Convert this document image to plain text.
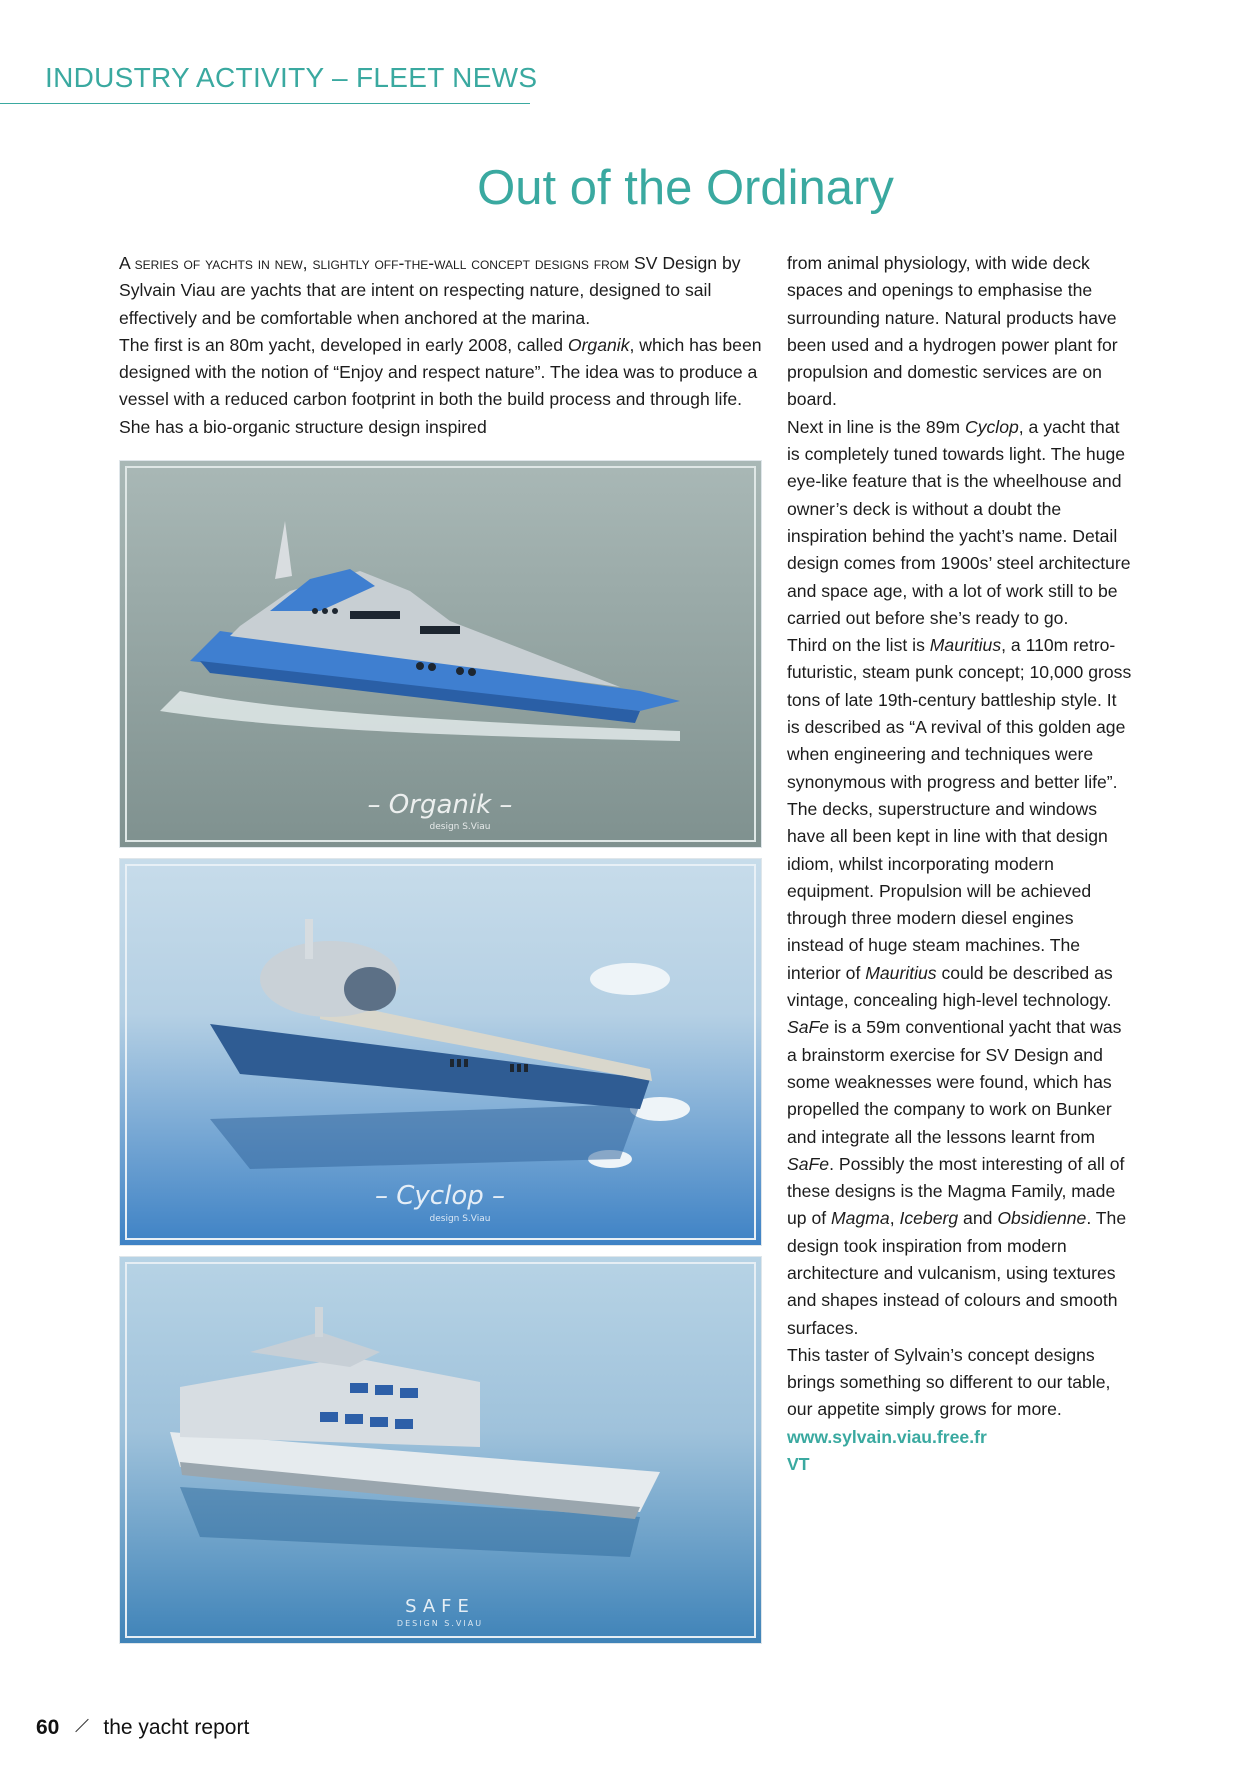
INDUSTRY ACTIVITY – FLEET NEWS
Out of the Ordinary

A series of yachts in new, slightly off-the-wall concept designs from SV Design by Sylvain Viau are yachts that are intent on respecting nature, designed to sail effectively and be comfortable when anchored at the marina.

The first is an 80m yacht, developed in early 2008, called Organik, which has been designed with the notion of “Enjoy and respect nature”. The idea was to produce a vessel with a reduced carbon footprint in both the build process and through life. She has a bio-organic structure design inspired

– Organik –
design S.Viau
– Cyclop –
design S.Viau
SAFE
DESIGN S.VIAU

from animal physiology, with wide deck spaces and openings to emphasise the surrounding nature. Natural products have been used and a hydrogen power plant for propulsion and domestic services are on board.

Next in line is the 89m Cyclop, a yacht that is completely tuned towards light. The huge eye-like feature that is the wheelhouse and owner’s deck is without a doubt the inspiration behind the yacht’s name. Detail design comes from 1900s’ steel architecture and space age, with a lot of work still to be carried out before she’s ready to go.

Third on the list is Mauritius, a 110m retro-futuristic, steam punk concept; 10,000 gross tons of late 19th-century battleship style. It is described as “A revival of this golden age when engineering and techniques were synonymous with progress and better life”. The decks, superstructure and windows have all been kept in line with that design idiom, whilst incorporating modern equipment. Propulsion will be achieved through three modern diesel engines instead of huge steam machines. The interior of Mauritius could be described as vintage, concealing high-level technology.

SaFe is a 59m conventional yacht that was a brainstorm exercise for SV Design and some weaknesses were found, which has propelled the company to work on Bunker and integrate all the lessons learnt from SaFe. Possibly the most interesting of all of these designs is the Magma Family, made up of Magma, Iceberg and Obsidienne. The design took inspiration from modern architecture and vulcanism, using textures and shapes instead of colours and smooth surfaces.

This taster of Sylvain’s concept designs brings something so different to our table, our appetite simply grows for more.

www.sylvain.viau.free.fr

VT

60 the yacht report
